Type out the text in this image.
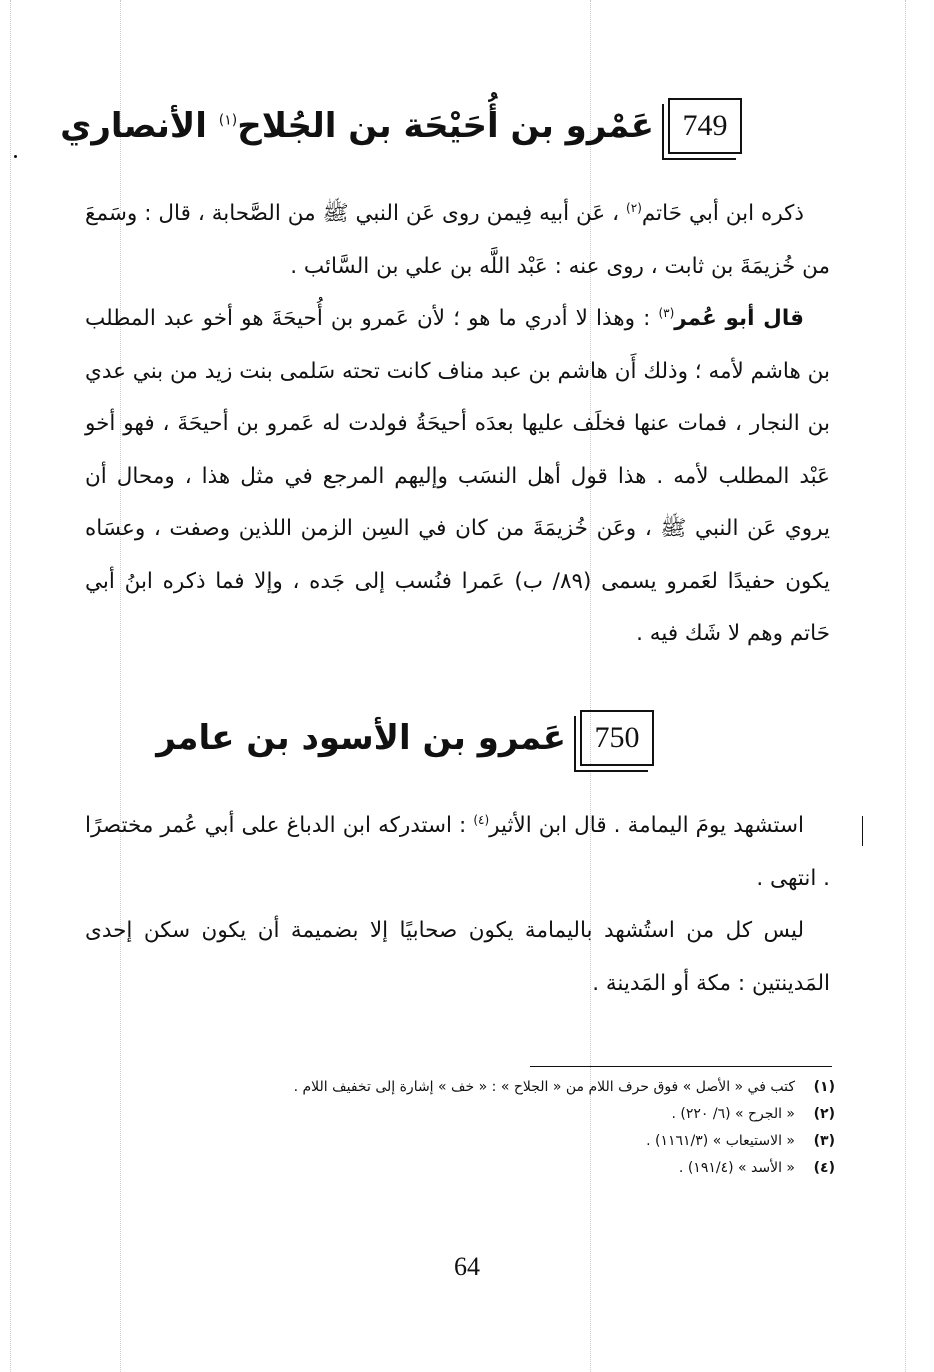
749
عَمْرو بن أُحَيْحَة بن الجُلاح$^{(١)}$ الأنصاري

ذكره ابن أبي حَاتم$^{(٢)}$ ، عَن أبيه فِيمن روى عَن النبي ﷺ من الصَّحابة ، قال : وسَمعَ من خُزيمَةَ بن ثابت ، روى عنه : عَبْد اللَّه بن علي بن السَّائب .

قال أبو عُمر$^{(٣)}$ : وهذا لا أدري ما هو ؛ لأن عَمرو بن أُحيحَةَ هو أخو عبد المطلب بن هاشم لأمه ؛ وذلك أَن هاشم بن عبد مناف كانت تحته سَلمى بنت زيد من بني عدي بن النجار ، فمات عنها فخلَف عليها بعدَه أحيحَةُ فولدت له عَمرو بن أحيحَةَ ، فهو أخو عَبْد المطلب لأمه . هذا قول أهل النسَب وإليهم المرجع في مثل هذا ، ومحال أن يروي عَن النبي ﷺ ، وعَن خُزيمَةَ من كان في السِن الزمن اللذين وصفت ، وعسَاه يكون حفيدًا لعَمرو يسمى (٨٩/ ب) عَمرا فنُسب إلى جَده ، وإلا فما ذكره ابنُ أبي حَاتم وهم لا شَك فيه .

750
عَمرو بن الأسود بن عامر

استشهد يومَ اليمامة . قال ابن الأثير$^{(٤)}$ : استدركه ابن الدباغ على أبي عُمر مختصرًا . انتهى .

ليس كل من استُشهد باليمامة يكون صحابيًا إلا بضميمة أن يكون سكن إحدى المَدينتين : مكة أو المَدينة .

(١)
كتب في « الأصل » فوق حرف اللام من « الجلاح » : « خف » إشارة إلى تخفيف اللام .
(٢)
« الجرح » (٦/ ٢٢٠) .
(٣)
« الاستيعاب » (١١٦١/٣) .
(٤)
« الأسد » (١٩١/٤) .
64
